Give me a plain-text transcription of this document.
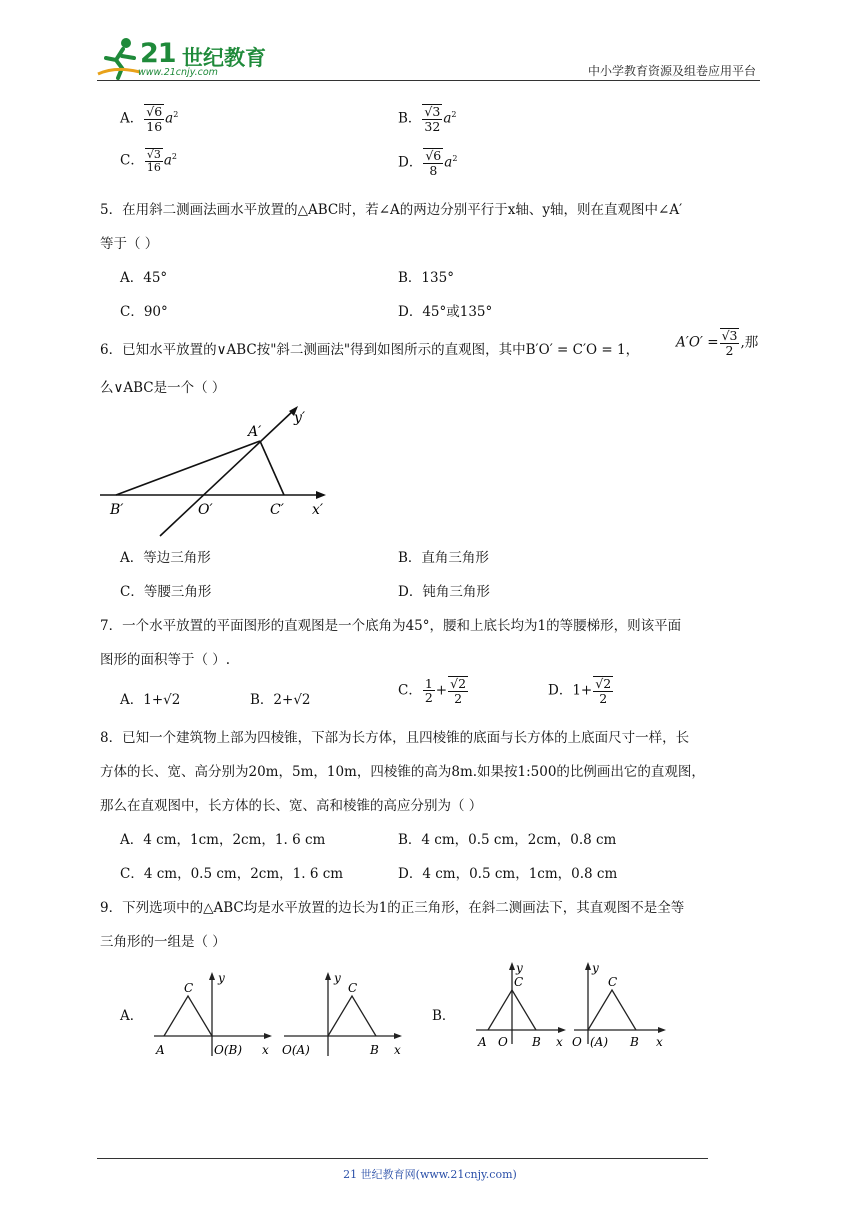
21 世纪教育
www.21cnjy.com	中小学教育资源及组卷应用平台
A． $\frac{√6}{16} a^2$	B． $\frac{√3}{32} a^2$
C． $\frac{√3}{16} a^2$	D． $\frac{√6}{8} a^2$
5．在用斜二测画法画水平放置的△ABC时，若∠A的两边分别平行于x轴、y轴，则在直观图中∠A′
等于（ ）
A．45°	B．135°
C．90°	D．45°或135°
6．已知水平放置的∨ABC按"斜二测画法"得到如图所示的直观图，其中B′O′ = C′O = 1，	$A'O' = \frac{√3}{2}$ ,那
么∨ABC是一个（ ）
A′
y′
B′	O′	C′ x′
A．等边三角形	B．直角三角形
C．等腰三角形	D．钝角三角形
7．一个水平放置的平面图形的直观图是一个底角为45°，腰和上底长均为1的等腰梯形，则该平面
图形的面积等于（ ）.
A．1+√2	B．2+√2
C． $\frac{1}{2} + \frac{√2}{2}$	D．$1+ \frac{√2}{2}$
8．已知一个建筑物上部为四棱锥，下部为长方体，且四棱锥的底面与长方体的上底面尺寸一样，长
方体的长、宽、高分别为20m，5m，10m，四棱锥的高为8m.如果按1:500的比例画出它的直观图，
那么在直观图中，长方体的长、宽、高和棱锥的高应分别为（ ）
A．4 cm，1cm，2cm，1. 6 cm	B．4 cm，0.5 cm，2cm，0.8 cm
C．4 cm，0.5 cm，2cm，1. 6 cm	D．4 cm，0.5 cm，1cm，0.8 cm
9．下列选项中的△ABC均是水平放置的边长为1的正三角形，在斜二测画法下，其直观图不是全等
三角形的一组是（ ）
A．
C
y
A	O(B) x
C
y
O(A)	B x
B．
C
y
A O B x
C
y
O (A) B x
21 世纪教育网(www.21cnjy.com)
